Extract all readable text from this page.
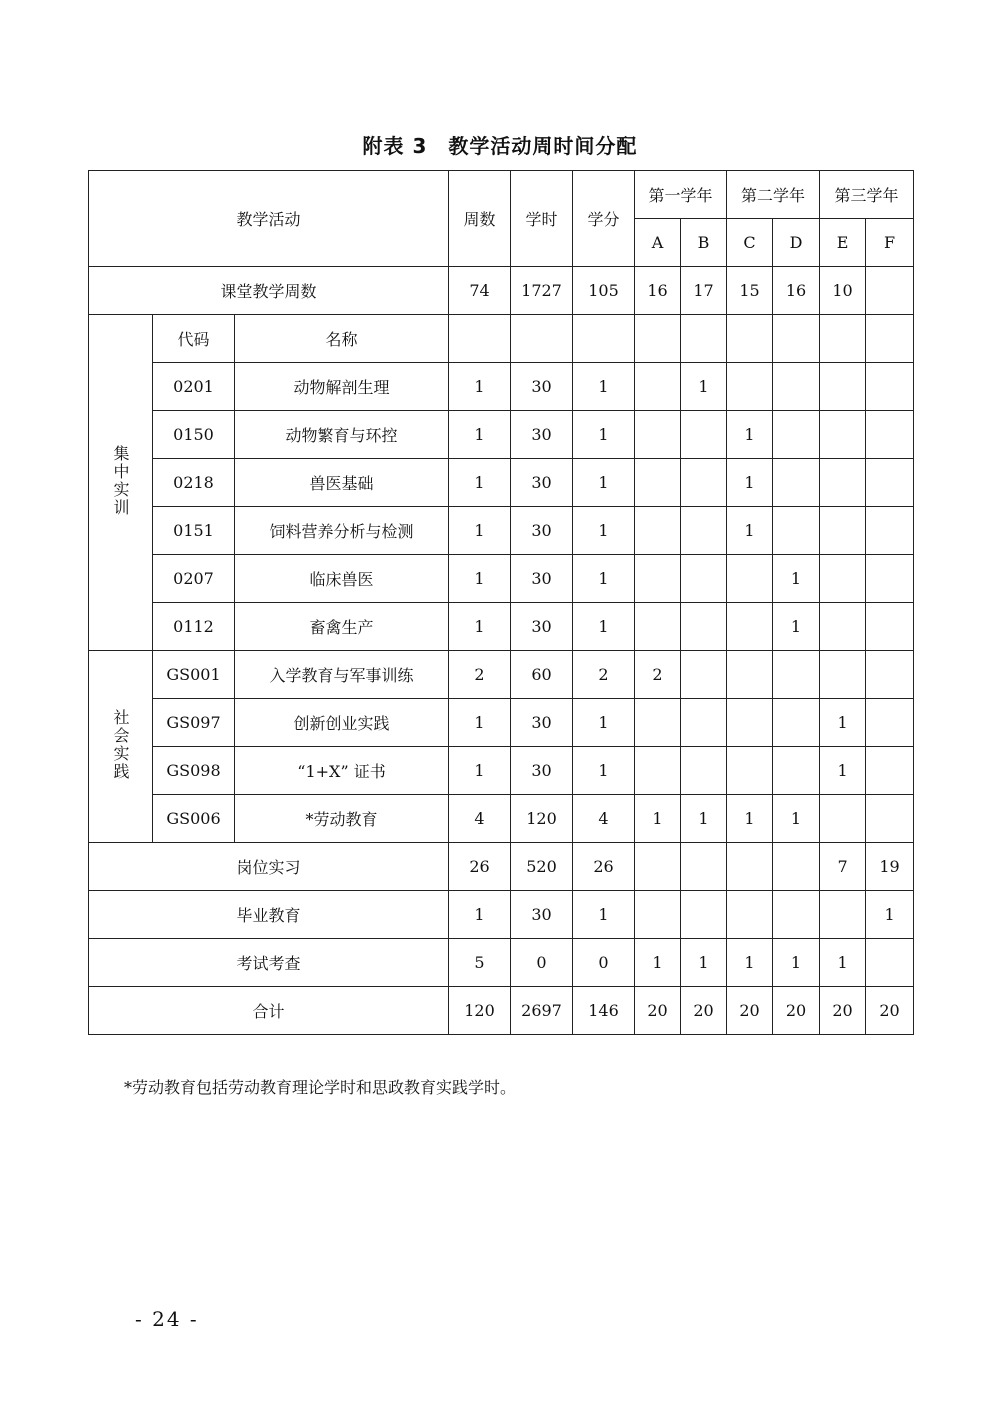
附表 3　教学活动周时间分配
教学活动			周数	学时	学分	第一学年		第二学年		第三学年	
						A	B	C	D	E	F
课堂教学周数			74	1727	105	16	17	15	16	10	
集中实训	代码	名称									
	0201	动物解剖生理	1	30	1		1				
	0150	动物繁育与环控	1	30	1			1			
	0218	兽医基础	1	30	1			1			
	0151	饲料营养分析与检测	1	30	1			1			
	0207	临床兽医	1	30	1				1		
	0112	畜禽生产	1	30	1				1		
社会实践	GS001	入学教育与军事训练	2	60	2	2					
	GS097	创新创业实践	1	30	1					1	
	GS098	“1+X” 证书	1	30	1					1	
	GS006	*劳动教育	4	120	4	1	1	1	1		
岗位实习			26	520	26					7	19
毕业教育			1	30	1						1
考试考查			5	0	0	1	1	1	1	1	
合计			120	2697	146	20	20	20	20	20	20
*劳动教育包括劳动教育理论学时和思政教育实践学时。
- 24 -
